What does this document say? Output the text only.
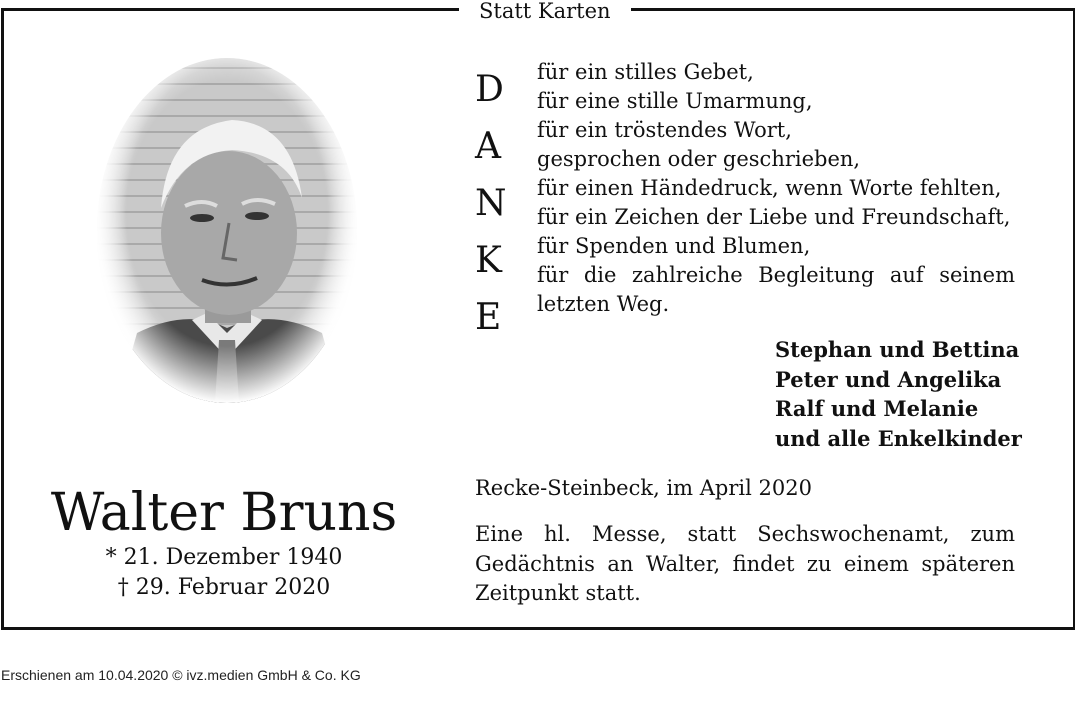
Statt Karten
Walter Bruns
* 21. Dezember 1940
† 29. Februar 2020
D
A
N
K
E
für ein stilles Gebet,
für eine stille Umarmung,
für ein tröstendes Wort,
gesprochen oder geschrieben,
für einen Händedruck, wenn Worte fehlten,
für ein Zeichen der Liebe und Freundschaft,
für Spenden und Blumen,
für die zahlreiche Begleitung auf seinem
letzten Weg.
Stephan und Bettina
Peter und Angelika
Ralf und Melanie
und alle Enkelkinder
Recke-Steinbeck, im April 2020
Eine hl. Messe, statt Sechswochenamt, zum
Gedächtnis an Walter, findet zu einem späteren
Zeitpunkt statt.
Erschienen am 10.04.2020 © ivz.medien GmbH & Co. KG
